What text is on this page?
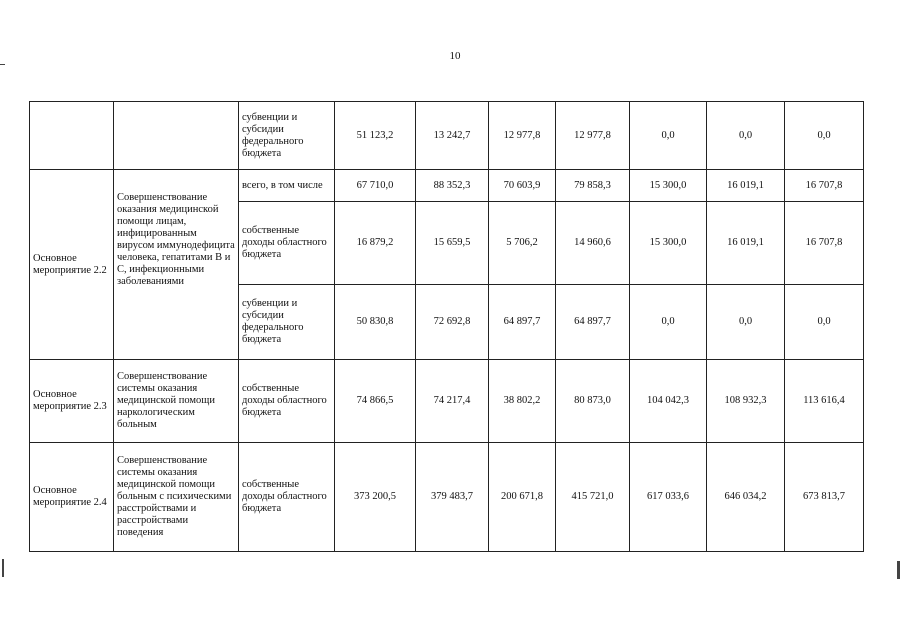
10
		субвенции и субсидии федерального бюджета	51 123,2	13 242,7	12 977,8	12 977,8	0,0	0,0	0,0
Основное мероприятие 2.2	Совершенствование оказания медицинской помощи лицам, инфицированным вирусом иммунодефицита человека, гепатитами В и С, инфекционными заболеваниями	всего, в том числе	67 710,0	88 352,3	70 603,9	79 858,3	15 300,0	16 019,1	16 707,8
		собственные доходы областного бюджета	16 879,2	15 659,5	5 706,2	14 960,6	15 300,0	16 019,1	16 707,8
		субвенции и субсидии федерального бюджета	50 830,8	72 692,8	64 897,7	64 897,7	0,0	0,0	0,0
Основное мероприятие 2.3	Совершенствование системы оказания медицинской помощи наркологическим больным	собственные доходы областного бюджета	74 866,5	74 217,4	38 802,2	80 873,0	104 042,3	108 932,3	113 616,4
Основное мероприятие 2.4	Совершенствование системы оказания медицинской помощи больным с психическими расстройствами и расстройствами поведения	собственные доходы областного бюджета	373 200,5	379 483,7	200 671,8	415 721,0	617 033,6	646 034,2	673 813,7
